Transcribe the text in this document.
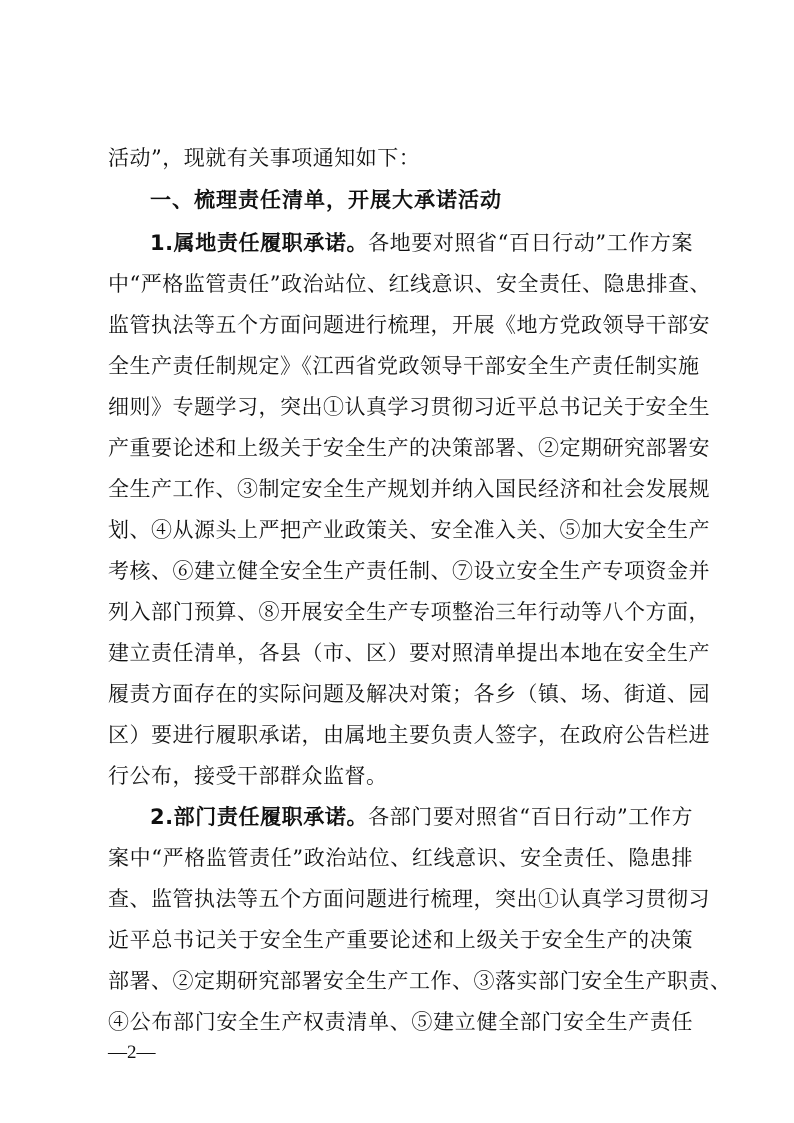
活动”，现就有关事项通知如下：
一、梳理责任清单，开展大承诺活动
1.属地责任履职承诺。各地要对照省“百日行动”工作方案
中“严格监管责任”政治站位、红线意识、安全责任、隐患排查、
监管执法等五个方面问题进行梳理，开展《地方党政领导干部安
全生产责任制规定》《江西省党政领导干部安全生产责任制实施
细则》专题学习，突出①认真学习贯彻习近平总书记关于安全生
产重要论述和上级关于安全生产的决策部署、②定期研究部署安
全生产工作、③制定安全生产规划并纳入国民经济和社会发展规
划、④从源头上严把产业政策关、安全准入关、⑤加大安全生产
考核、⑥建立健全安全生产责任制、⑦设立安全生产专项资金并
列入部门预算、⑧开展安全生产专项整治三年行动等八个方面，
建立责任清单，各县（市、区）要对照清单提出本地在安全生产
履责方面存在的实际问题及解决对策；各乡（镇、场、街道、园
区）要进行履职承诺，由属地主要负责人签字，在政府公告栏进
行公布，接受干部群众监督。
2.部门责任履职承诺。各部门要对照省“百日行动”工作方
案中“严格监管责任”政治站位、红线意识、安全责任、隐患排
查、监管执法等五个方面问题进行梳理，突出①认真学习贯彻习
近平总书记关于安全生产重要论述和上级关于安全生产的决策
部署、②定期研究部署安全生产工作、③落实部门安全生产职责、
④公布部门安全生产权责清单、⑤建立健全部门安全生产责任
—2—
